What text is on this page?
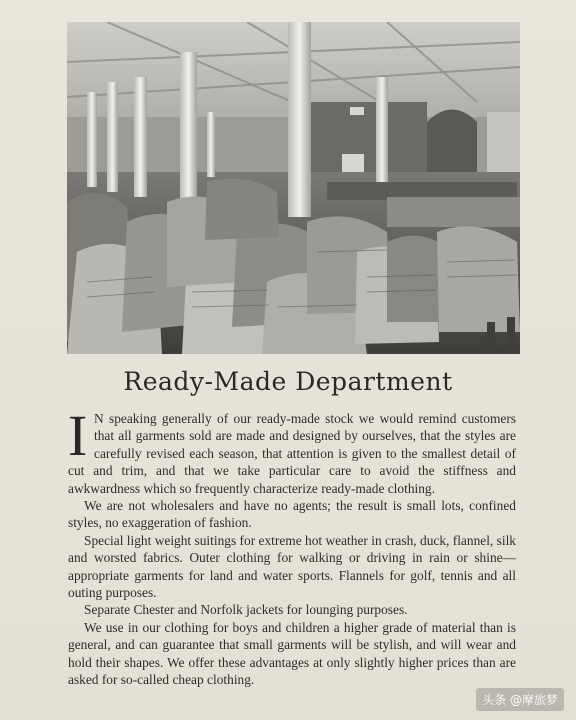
Ready-Made Department
I N speaking generally of our ready-made stock we would remind customers that all garments sold are made and designed by ourselves, that the styles are carefully revised each season, that attention is given to the smallest detail of cut and trim, and that we take particular care to avoid the stiffness and awkwardness which so frequently characterize ready-made clothing.

We are not wholesalers and have no agents; the result is small lots, confined styles, no exaggeration of fashion.

Special light weight suitings for extreme hot weather in crash, duck, flannel, silk and worsted fabrics. Outer clothing for walking or driving in rain or shine—appropriate garments for land and water sports. Flannels for golf, tennis and all outing purposes.

Separate Chester and Norfolk jackets for lounging purposes.

We use in our clothing for boys and children a higher grade of material than is general, and can guarantee that small garments will be stylish, and will wear and hold their shapes. We offer these advantages at only slightly higher prices than are asked for so-called cheap clothing.

头条 @摩旅梦
